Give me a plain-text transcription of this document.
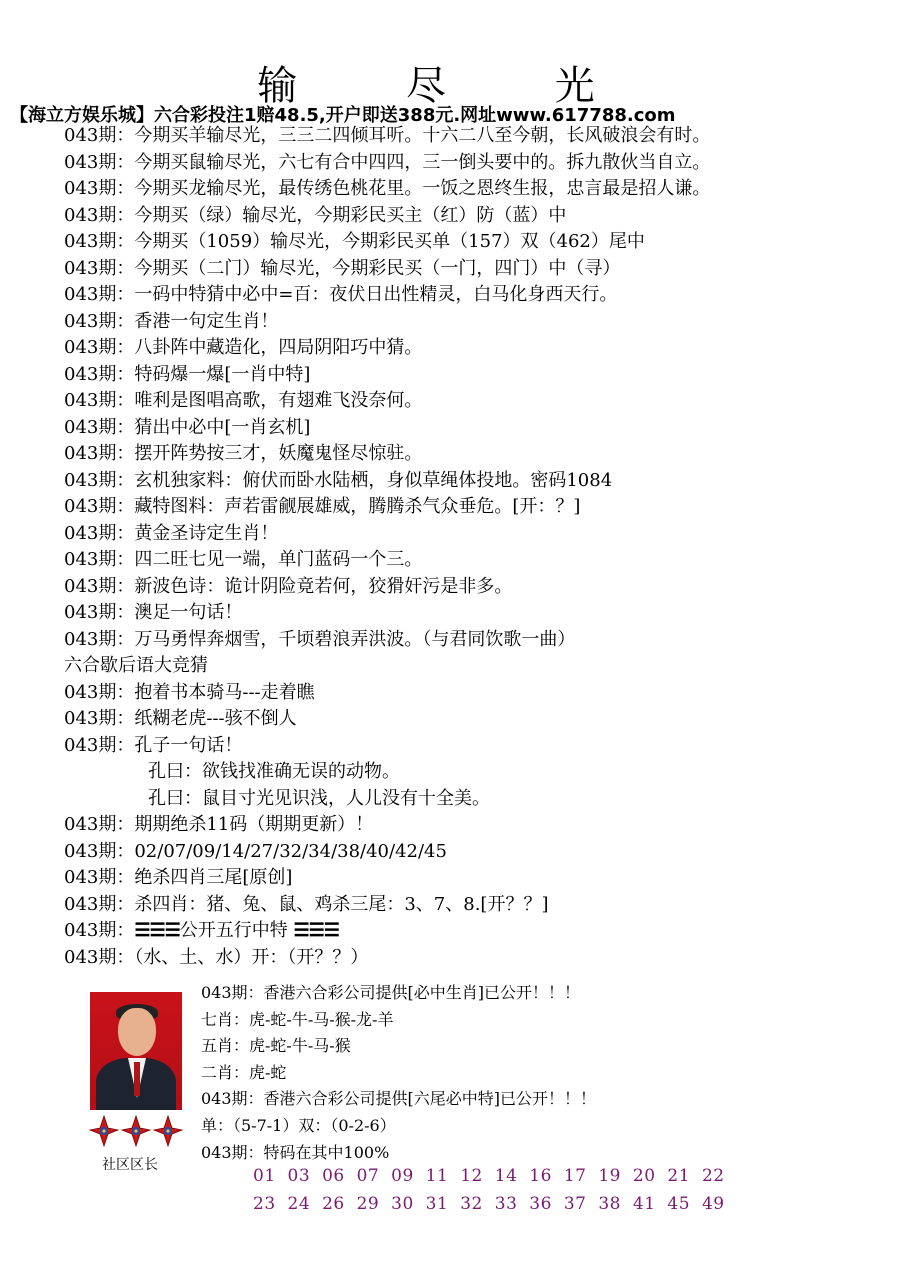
输 尽 光
【海立方娱乐城】六合彩投注1赔48.5,开户即送388元.网址www.617788.com
043期：今期买羊输尽光，三三二四倾耳听。十六二八至今朝，长风破浪会有时。
043期：今期买鼠输尽光，六七有合中四四，三一倒头要中的。拆九散伙当自立。
043期：今期买龙输尽光，最传绣色桃花里。一饭之恩终生报，忠言最是招人谦。
043期：今期买（绿）输尽光，今期彩民买主（红）防（蓝）中
043期：今期买（1059）输尽光，今期彩民买单（157）双（462）尾中
043期：今期买（二门）输尽光，今期彩民买（一门，四门）中（寻）
043期：一码中特猜中必中=百：夜伏日出性精灵，白马化身西天行。
043期：香港一句定生肖！
043期：八卦阵中藏造化，四局阴阳巧中猜。
043期：特码爆一爆[一肖中特]
043期：唯利是图唱高歌，有翅难飞没奈何。
043期：猜出中必中[一肖玄机]
043期：摆开阵势按三才，妖魔鬼怪尽惊驻。
043期：玄机独家料：俯伏而卧水陆栖，身似草绳体投地。密码1084
043期：藏特图料：声若雷觎展雄威，腾腾杀气众垂危。[开：？]
043期：黄金圣诗定生肖！
043期：四二旺七见一端，单门蓝码一个三。
043期：新波色诗：诡计阴险竟若何，狡猾奸污是非多。
043期：澳足一句话！
043期：万马勇悍奔烟雪，千顷碧浪弄洪波。（与君同饮歌一曲）
六合歇后语大竞猜
043期：抱着书本骑马---走着瞧
043期：纸糊老虎---骇不倒人
043期：孔子一句话！
孔曰：欲钱找准确无误的动物。
孔曰：鼠目寸光见识浅，人儿没有十全美。
043期：期期绝杀11码（期期更新）！
043期：02/07/09/14/27/32/34/38/40/42/45
043期：绝杀四肖三尾[原创]
043期：杀四肖：猪、兔、鼠、鸡杀三尾：3、7、8.[开？？]
043期：☰☰☰公开五行中特 ☰☰☰
043期：（水、土、水）开：（开？？）
社区区长
043期：香港六合彩公司提供[必中生肖]已公开！！！
七肖：虎-蛇-牛-马-猴-龙-羊
五肖：虎-蛇-牛-马-猴
二肖：虎-蛇
043期：香港六合彩公司提供[六尾必中特]已公开！！！
单：（5-7-1）双：（0-2-6）
043期：特码在其中100%
01 03 06 07 09 11 12 14 16 17 19 20 21 22
23 24 26 29 30 31 32 33 36 37 38 41 45 49
